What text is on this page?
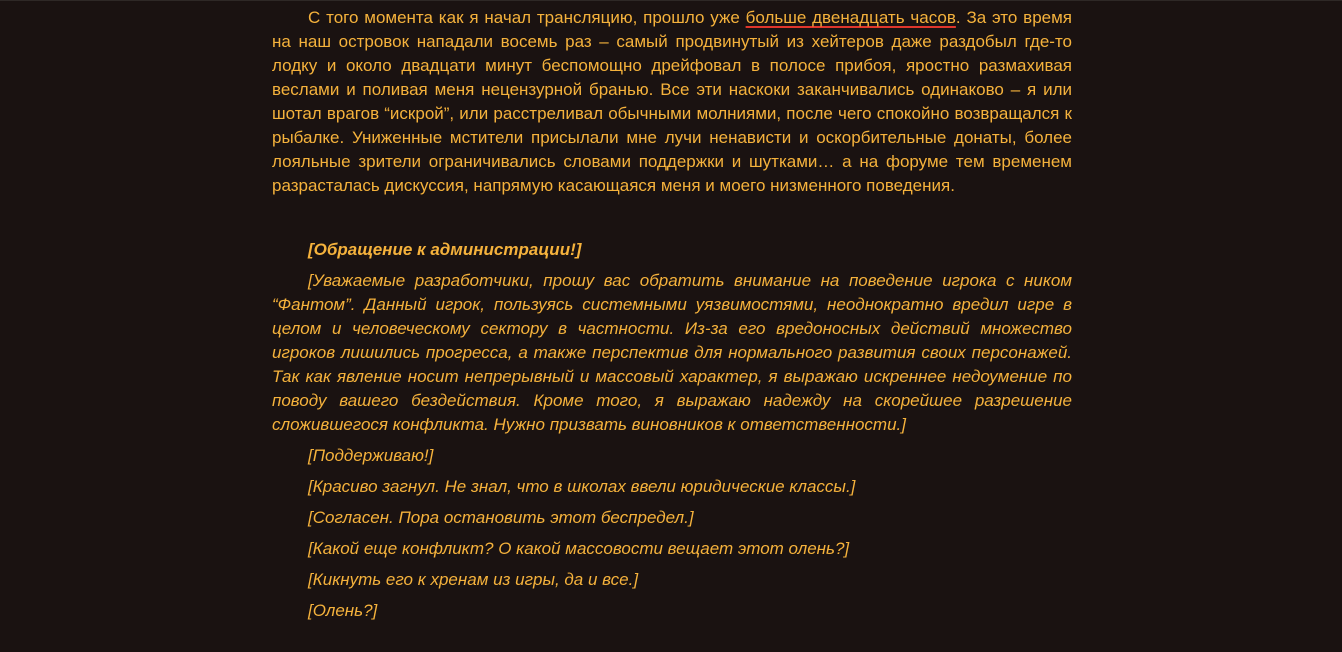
С того момента как я начал трансляцию, прошло уже больше двенадцать часов. За это время на наш островок нападали восемь раз – самый продвинутый из хейтеров даже раздобыл где-то лодку и около двадцати минут беспомощно дрейфовал в полосе прибоя, яростно размахивая веслами и поливая меня нецензурной бранью. Все эти наскоки заканчивались одинаково – я или шотал врагов “искрой”, или расстреливал обычными молниями, после чего спокойно возвращался к рыбалке. Униженные мстители присылали мне лучи ненависти и оскорбительные донаты, более лояльные зрители ограничивались словами поддержки и шутками… а на форуме тем временем разрасталась дискуссия, напрямую касающаяся меня и моего низменного поведения.

[Обращение к администрации!]

[Уважаемые разработчики, прошу вас обратить внимание на поведение игрока с ником “Фантом”. Данный игрок, пользуясь системными уязвимостями, неоднократно вредил игре в целом и человеческому сектору в частности. Из-за его вредоносных действий множество игроков лишились прогресса, а также перспектив для нормального развития своих персонажей. Так как явление носит непрерывный и массовый характер, я выражаю искреннее недоумение по поводу вашего бездействия. Кроме того, я выражаю надежду на скорейшее разрешение сложившегося конфликта. Нужно призвать виновников к ответственности.]

[Поддерживаю!]

[Красиво загнул. Не знал, что в школах ввели юридические классы.]

[Согласен. Пора остановить этот беспредел.]

[Какой еще конфликт? О какой массовости вещает этот олень?]

[Кикнуть его к хренам из игры, да и все.]

[Олень?]
